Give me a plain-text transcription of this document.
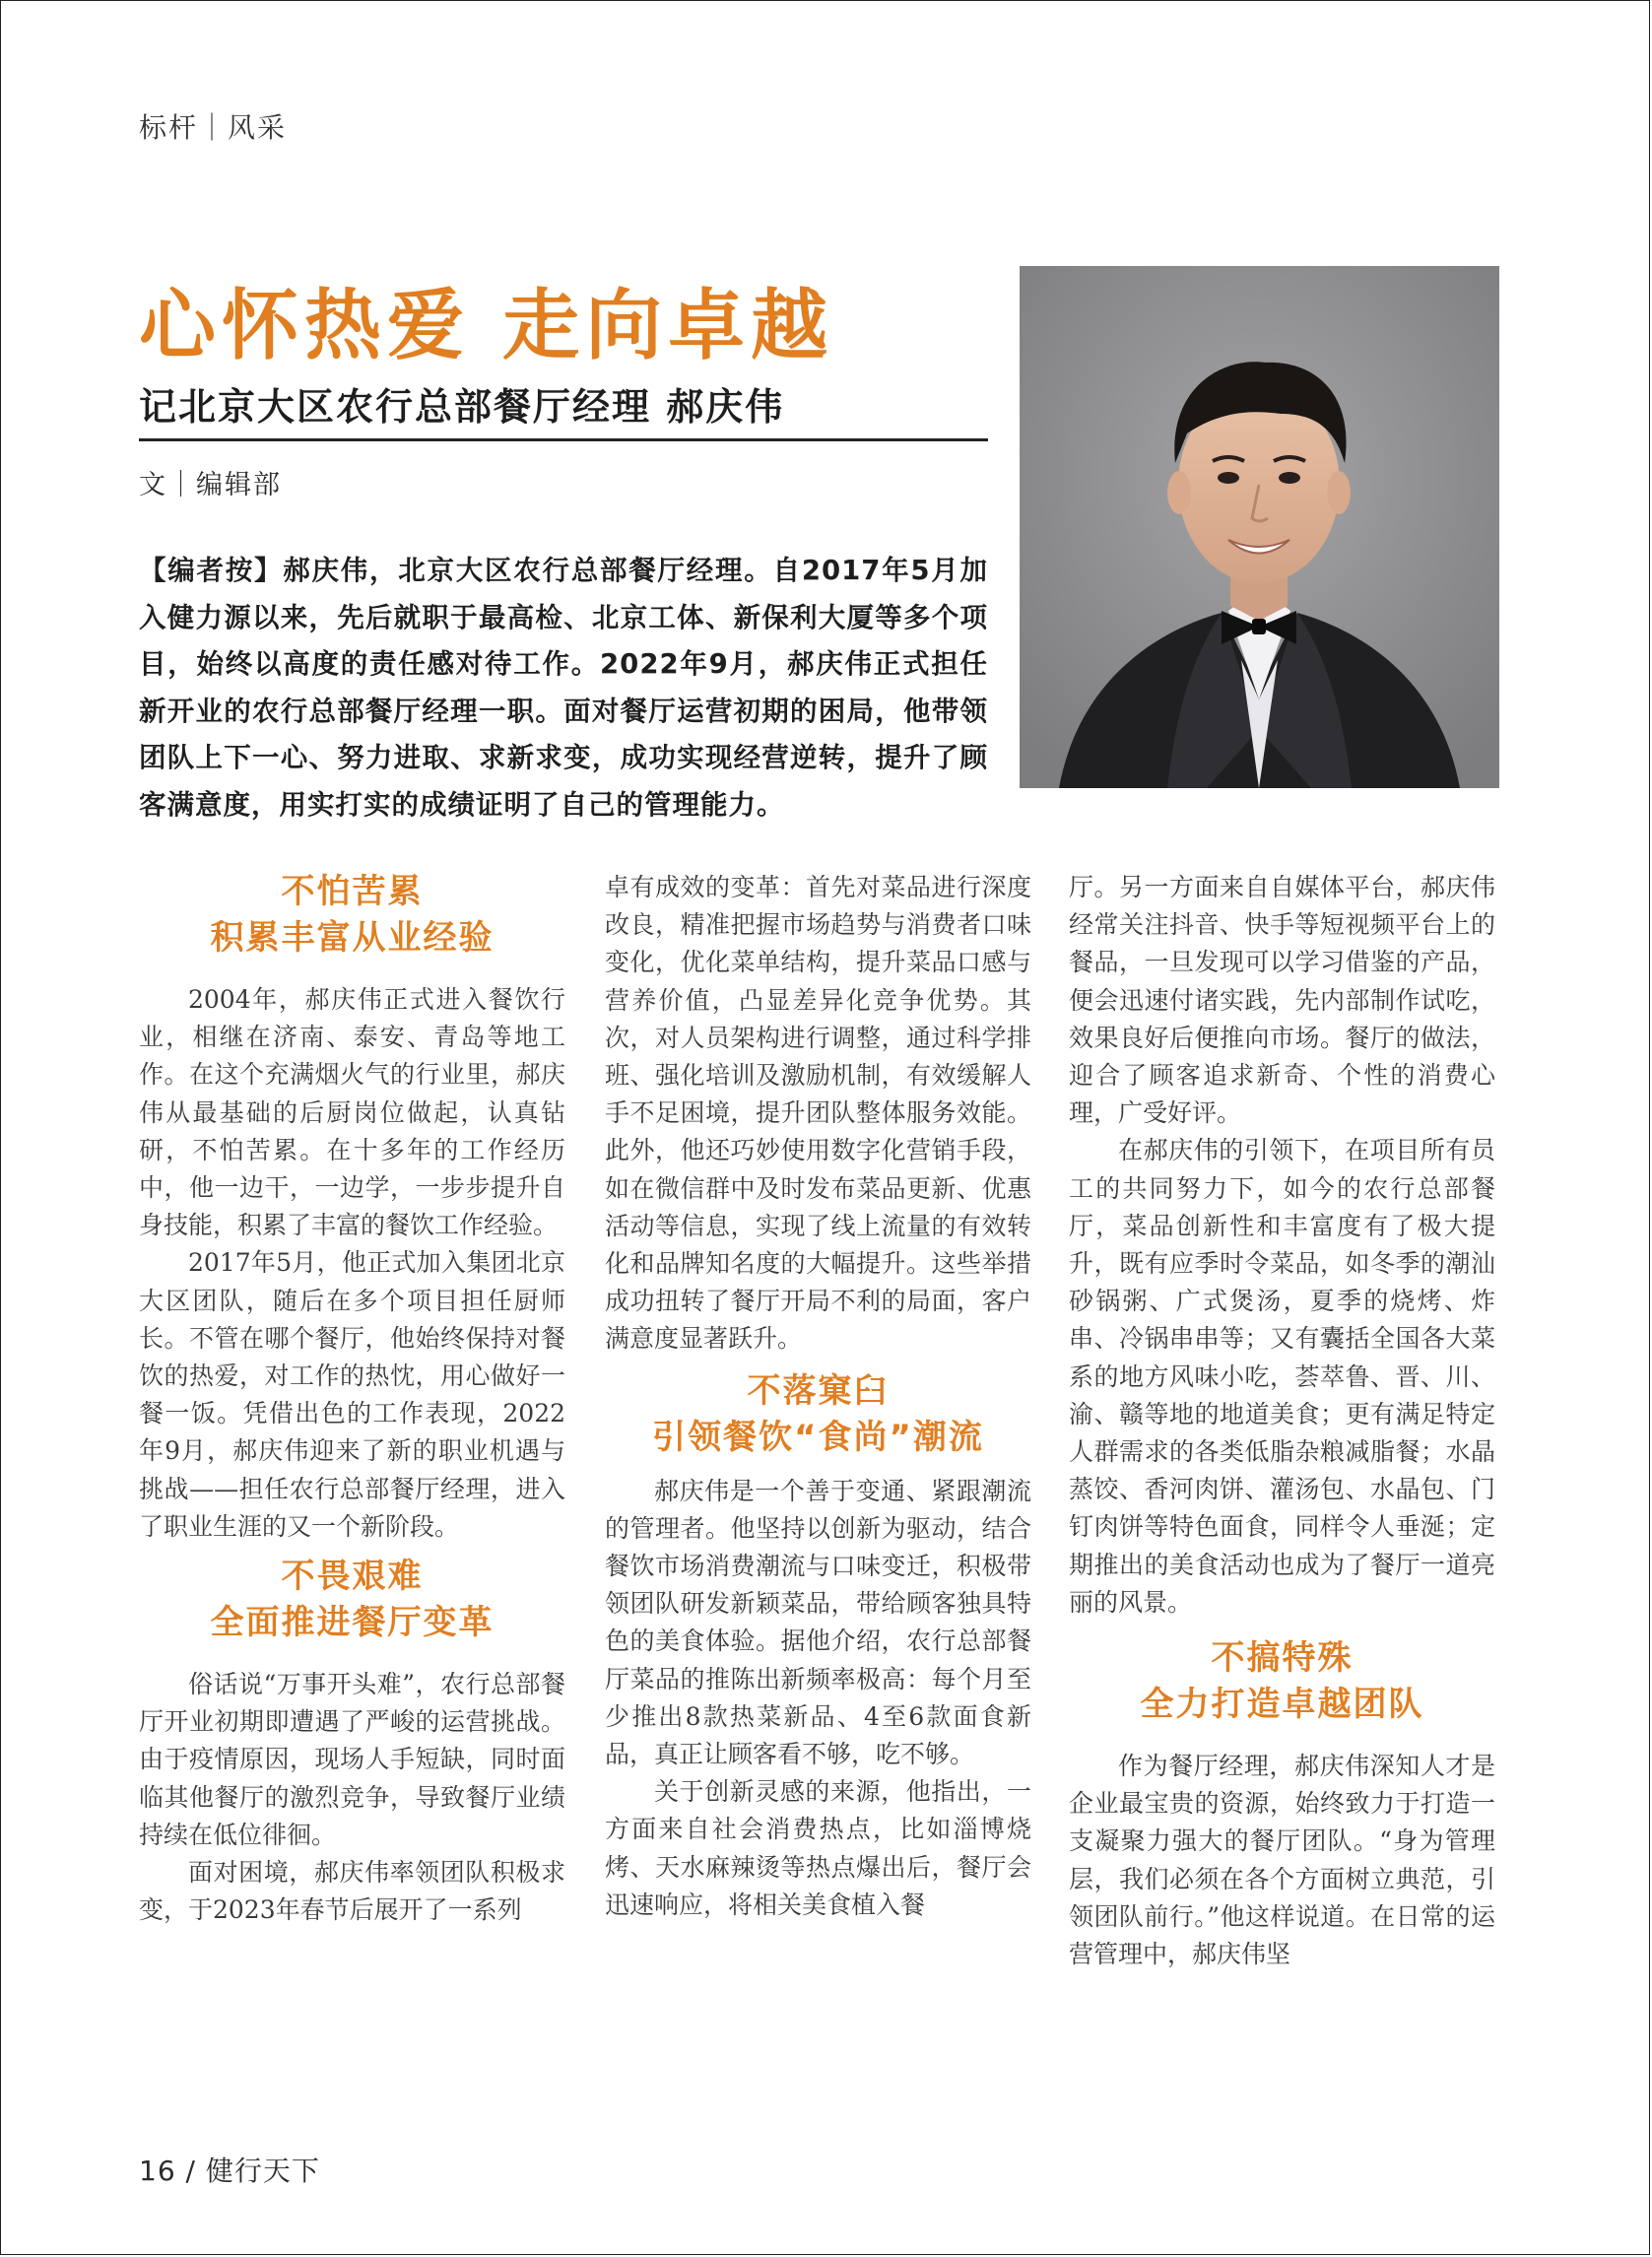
标杆｜风采
心怀热爱 走向卓越
记北京大区农行总部餐厅经理 郝庆伟
文｜编辑部
【编者按】郝庆伟，北京大区农行总部餐厅经理。自2017年5月加入健力源以来，先后就职于最高检、北京工体、新保利大厦等多个项目，始终以高度的责任感对待工作。2022年9月，郝庆伟正式担任新开业的农行总部餐厅经理一职。面对餐厅运营初期的困局，他带领团队上下一心、努力进取、求新求变，成功实现经营逆转，提升了顾客满意度，用实打实的成绩证明了自己的管理能力。
不怕苦累
积累丰富从业经验

2004年，郝庆伟正式进入餐饮行业，相继在济南、泰安、青岛等地工作。在这个充满烟火气的行业里，郝庆伟从最基础的后厨岗位做起，认真钻研，不怕苦累。在十多年的工作经历中，他一边干，一边学，一步步提升自身技能，积累了丰富的餐饮工作经验。

2017年5月，他正式加入集团北京大区团队，随后在多个项目担任厨师长。不管在哪个餐厅，他始终保持对餐饮的热爱，对工作的热忱，用心做好一餐一饭。凭借出色的工作表现，2022年9月，郝庆伟迎来了新的职业机遇与挑战——担任农行总部餐厅经理，进入了职业生涯的又一个新阶段。

不畏艰难
全面推进餐厅变革

俗话说“万事开头难”，农行总部餐厅开业初期即遭遇了严峻的运营挑战。由于疫情原因，现场人手短缺，同时面临其他餐厅的激烈竞争，导致餐厅业绩持续在低位徘徊。

面对困境，郝庆伟率领团队积极求变，于2023年春节后展开了一系列

卓有成效的变革：首先对菜品进行深度改良，精准把握市场趋势与消费者口味变化，优化菜单结构，提升菜品口感与营养价值，凸显差异化竞争优势。其次，对人员架构进行调整，通过科学排班、强化培训及激励机制，有效缓解人手不足困境，提升团队整体服务效能。此外，他还巧妙使用数字化营销手段，如在微信群中及时发布菜品更新、优惠活动等信息，实现了线上流量的有效转化和品牌知名度的大幅提升。这些举措成功扭转了餐厅开局不利的局面，客户满意度显著跃升。

不落窠臼
引领餐饮“食尚”潮流

郝庆伟是一个善于变通、紧跟潮流的管理者。他坚持以创新为驱动，结合餐饮市场消费潮流与口味变迁，积极带领团队研发新颖菜品，带给顾客独具特色的美食体验。据他介绍，农行总部餐厅菜品的推陈出新频率极高：每个月至少推出8款热菜新品、4至6款面食新品，真正让顾客看不够，吃不够。

关于创新灵感的来源，他指出，一方面来自社会消费热点，比如淄博烧烤、天水麻辣烫等热点爆出后，餐厅会迅速响应，将相关美食植入餐

厅。另一方面来自自媒体平台，郝庆伟经常关注抖音、快手等短视频平台上的餐品，一旦发现可以学习借鉴的产品，便会迅速付诸实践，先内部制作试吃，效果良好后便推向市场。餐厅的做法，迎合了顾客追求新奇、个性的消费心理，广受好评。

在郝庆伟的引领下，在项目所有员工的共同努力下，如今的农行总部餐厅，菜品创新性和丰富度有了极大提升，既有应季时令菜品，如冬季的潮汕砂锅粥、广式煲汤，夏季的烧烤、炸串、冷锅串串等；又有囊括全国各大菜系的地方风味小吃，荟萃鲁、晋、川、渝、赣等地的地道美食；更有满足特定人群需求的各类低脂杂粮减脂餐；水晶蒸饺、香河肉饼、灌汤包、水晶包、门钉肉饼等特色面食，同样令人垂涎；定期推出的美食活动也成为了餐厅一道亮丽的风景。

不搞特殊
全力打造卓越团队

作为餐厅经理，郝庆伟深知人才是企业最宝贵的资源，始终致力于打造一支凝聚力强大的餐厅团队。“身为管理层，我们必须在各个方面树立典范，引领团队前行。”他这样说道。在日常的运营管理中，郝庆伟坚

16 / 健行天下
